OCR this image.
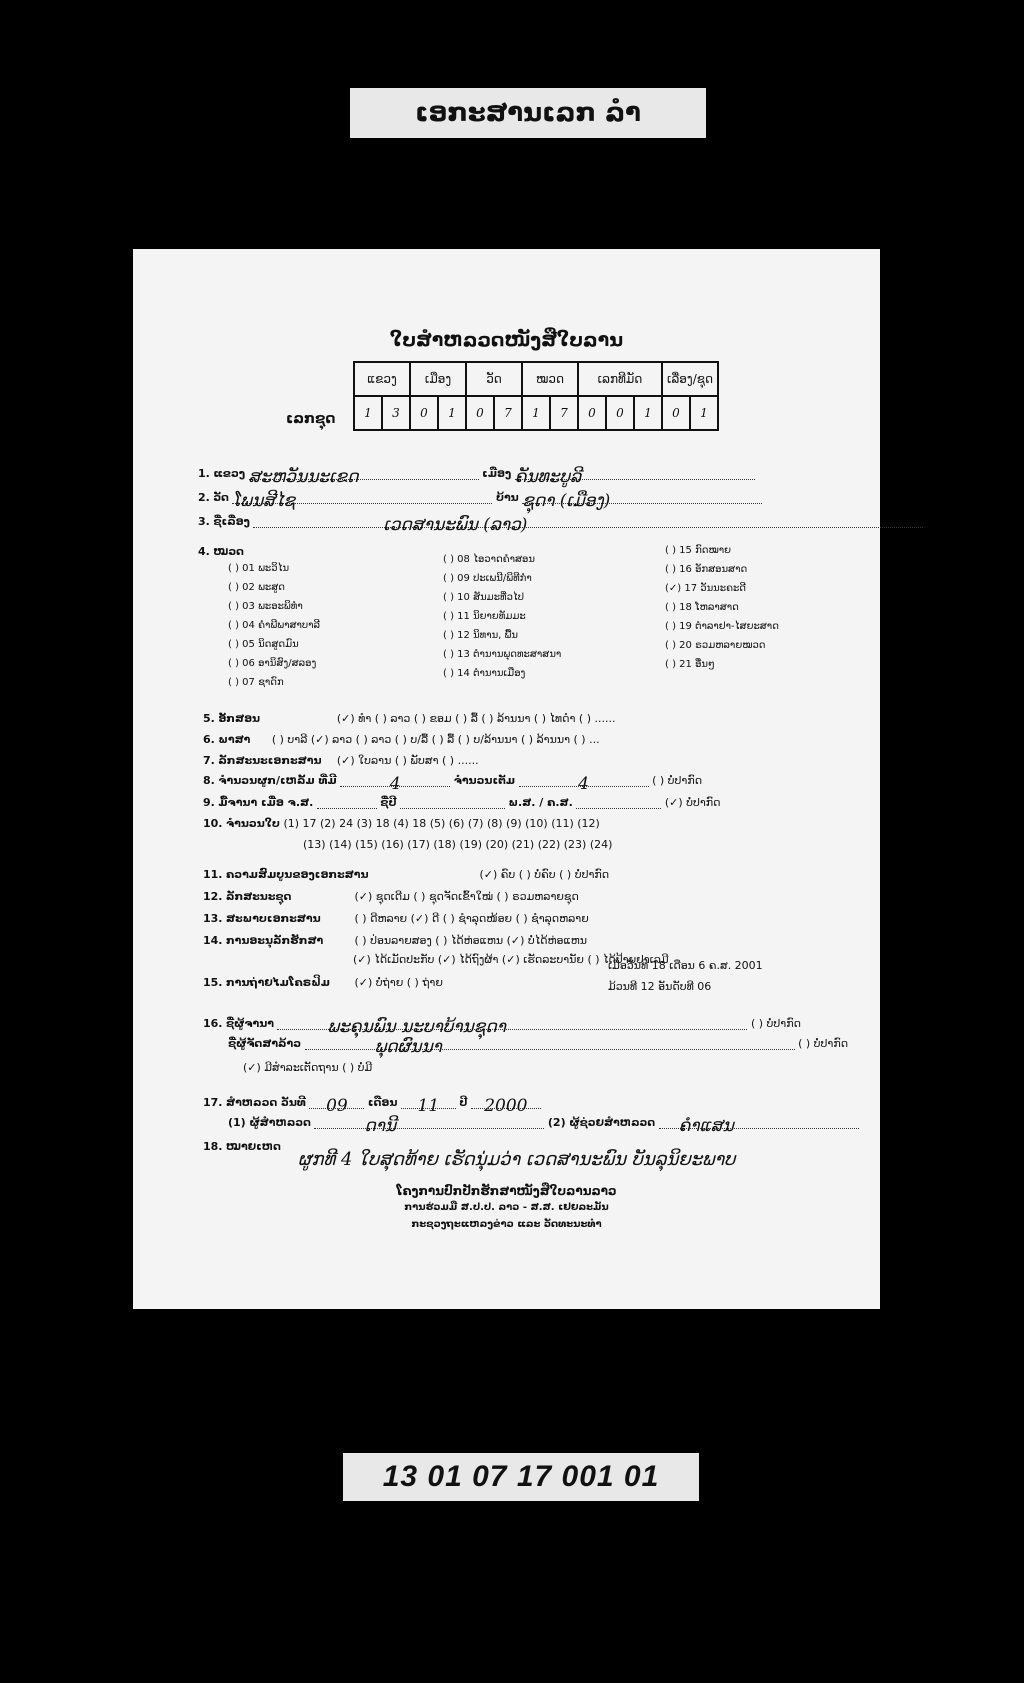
ເອກະສານເລກ ລໍາ
ໃບສໍາຫລວດໜັງສືໃບລານ
ເລກຊຸດ
ແຂວງ		ເມືອງ		ວັດ		ໝວດ		ເລກທີມັດ			ເລື່ອງ/ຊຸດ	
1	3	0	1	0	7	1	7	0	0	1	0	1
1. ແຂວງ ສະຫວັນນະເຂດ	ເມືອງ ຄັນທະບູລີ
2. ວັດ ໂພນສີໄຊ	ບ້ານ ຊຸດາ (ເມືອງ)
3. ຊື່ເລື່ອງ	ເວດສານະພົນ (ລາວ)
4. ໝວດ
( ) 01 ພະວິໄນ
( ) 02 ພະສູດ
( ) 03 ພະອະພິທໍາ
( ) 04 ຄໍາພີພາສາບາລີ
( ) 05 ນິດສູດມົນ
( ) 06 ອານິສົງ/ສລອງ
( ) 07 ຊາດົກ
( ) 08 ໄອວາດຄໍາສອນ
( ) 09 ປະເພນີ/ພິທີກໍາ
( ) 10 ສັນມະທີ່ວໄປ
( ) 11 ນິຍາຍທັມມະ
( ) 12 ນິທານ, ພື້ນ
( ) 13 ຕໍານານພຸດທະສາສນາ
( ) 14 ຕໍານານເມືອງ
( ) 15 ກົດໝາຍ
( ) 16 ອັກສອນສາດ
(✓) 17 ວັນນະຄະດີ
( ) 18 ໂຫລາສາດ
( ) 19 ຕໍາລາຢາ-ໄສຍະສາດ
( ) 20 ຣວມຫລາຍໝວດ
( ) 21 ອື່ນໆ
5. ອັກສອນ	(✓) ທໍາ ( ) ລາວ ( ) ຂອມ ( ) ລື້ ( ) ລ້ານນາ ( ) ໄທດໍາ ( ) ......
6. ພາສາ ( ) ບາລີ (✓) ລາວ ( ) ລາວ ( ) ບ/ລື້ ( ) ລື້ ( ) ບ/ລ້ານນາ ( ) ລ້ານນາ ( ) ...
7. ລັກສະນະເອກະສານ (✓) ໃບລານ ( ) ພັບສາ ( ) ......
8. ຈໍານວນຜູກ/ເຫລັ້ມ ທີ່ມີ	4	ຈໍານວນເຕັມ	4	( ) ບໍ່ປາກົດ
9. ມື້ຈານາ ເມື່ອ ຈ.ສ.	ຊື່ປີ	ພ.ສ. / ຄ.ສ.	(✓) ບໍ່ປາກົດ
10. ຈໍານວນໃບ (1) 17 (2) 24 (3) 18 (4) 18 (5) (6) (7) (8) (9) (10) (11) (12)
(13) (14) (15) (16) (17) (18) (19) (20) (21) (22) (23) (24)
11. ຄວາມສົມບູນຂອງເອກະສານ	(✓) ຄົບ ( ) ບໍ່ຄົບ ( ) ບໍ່ປາກົດ
12. ລັກສະນະຊຸດ	(✓) ຊຸດເດີມ ( ) ຊຸດຈັດເຂົ້າໃໝ່ ( ) ຣວມຫລາຍຊຸດ
13. ສະພາບເອກະສານ	( ) ດີຫລາຍ (✓) ດີ ( ) ຊໍາລຸດໜ້ອຍ ( ) ຊໍາລຸດຫລາຍ
14. ການອະນຸລັກຮັກສາ	( ) ປ່ອນລາຍສອງ ( ) ໄດ້ຫ່ອແຫນ (✓) ບໍ່ໄດ້ຫ່ອແຫນ
(✓) ໄດ້ເມັດປະກັບ (✓) ໄດ້ຖົງຜ້າ (✓) ເຮັດລະບານັຍ ( ) ໄດ້ປ້າຍຢາເລມີ
15. ການຖ່າຍໄມໂຄຣຟິມ (✓) ບໍ່ຖ່າຍ ( ) ຖ່າຍ
ເມື່ອວັນທີ 18 ເດືອນ 6 ຄ.ສ. 2001
ມ້ວນທີ 12 ອັນດັບທີ 06
16. ຊື່ຜູ້ຈານາ	ພະຄຸນພົນ ນະບາບ້ານຊຸດາ	( ) ບໍ່ປາກົດ
ຊື່ຜູ້ຈັດສາລ້າວ	ພຸດຜົນນາ	( ) ບໍ່ປາກົດ
(✓) ມີສໍາລະເຕັດຖານ ( ) ບໍ່ມີ
17. ສໍາຫລວດ ວັນທີ 09 ເດືອນ 11 ປີ 2000
(1) ຜູ້ສໍາຫລວດ	ດານີ	(2) ຜູ້ຊ່ວຍສໍາຫລວດ ຄໍາແສນ
18. ໝາຍເຫດ
ຜູກທີ 4 ໃບສຸດທ້າຍ ເຮັດນຸ່ມວ່າ ເວດສານະພົນ ບັນລຸນິຍະພາບ
ໂຄງການປົກປັກຮັກສາໜັງສືໃບລານລາວ
ການຮ່ວມມື ສ.ປ.ປ. ລາວ - ສ.ສ. ເຢຍລະມັນ
ກະຊວງຖະແຫລງຂ່າວ ແລະ ວັດທະນະທໍາ
13 01 07 17 001 01
